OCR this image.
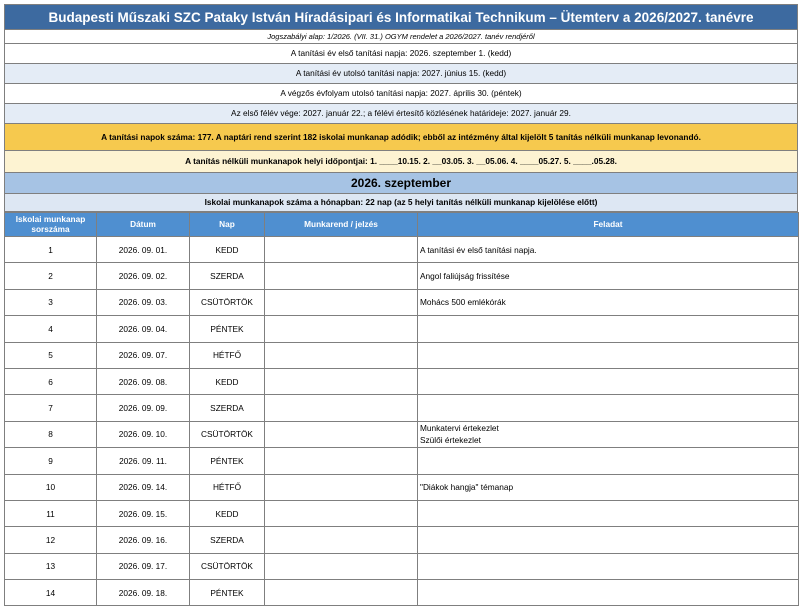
Budapesti Műszaki SZC Pataky István Híradásipari és Informatikai Technikum – Ütemterv a 2026/2027. tanévre
Jogszabályi alap: 1/2026. (VII. 31.) OGYM rendelet a 2026/2027. tanév rendjéről
A tanítási év első tanítási napja: 2026. szeptember 1. (kedd)
A tanítási év utolsó tanítási napja: 2027. június 15. (kedd)
A végzős évfolyam utolsó tanítási napja: 2027. április 30. (péntek)
Az első félév vége: 2027. január 22.; a félévi értesítő közlésének határideje: 2027. január 29.
A tanítási napok száma: 177. A naptári rend szerint 182 iskolai munkanap adódik; ebből az intézmény által kijelölt 5 tanítás nélküli munkanap levonandó.
A tanítás nélküli munkanapok helyi időpontjai: 1. ____10.15. 2. __03.05. 3. __05.06. 4. ____05.27. 5. ____.05.28.
2026. szeptember
Iskolai munkanapok száma a hónapban: 22 nap (az 5 helyi tanítás nélküli munkanap kijelölése előtt)
Iskolai munkanap sorszáma	Dátum	Nap	Munkarend / jelzés	Feladat
1	2026. 09. 01.	KEDD		A tanítási év első tanítási napja.

2	2026. 09. 02.	SZERDA		Angol faliújság frissítése

3	2026. 09. 03.	CSÜTÖRTÖK		Mohács 500 emlékórák

4	2026. 09. 04.	PÉNTEK		
5	2026. 09. 07.	HÉTFŐ		
6	2026. 09. 08.	KEDD		
7	2026. 09. 09.	SZERDA		
8	2026. 09. 10.	CSÜTÖRTÖK		Munkatervi értekezlet
Szülői értekezlet

9	2026. 09. 11.	PÉNTEK		
10	2026. 09. 14.	HÉTFŐ		"Diákok hangja" témanap

11	2026. 09. 15.	KEDD		
12	2026. 09. 16.	SZERDA		
13	2026. 09. 17.	CSÜTÖRTÖK		
14	2026. 09. 18.	PÉNTEK		
